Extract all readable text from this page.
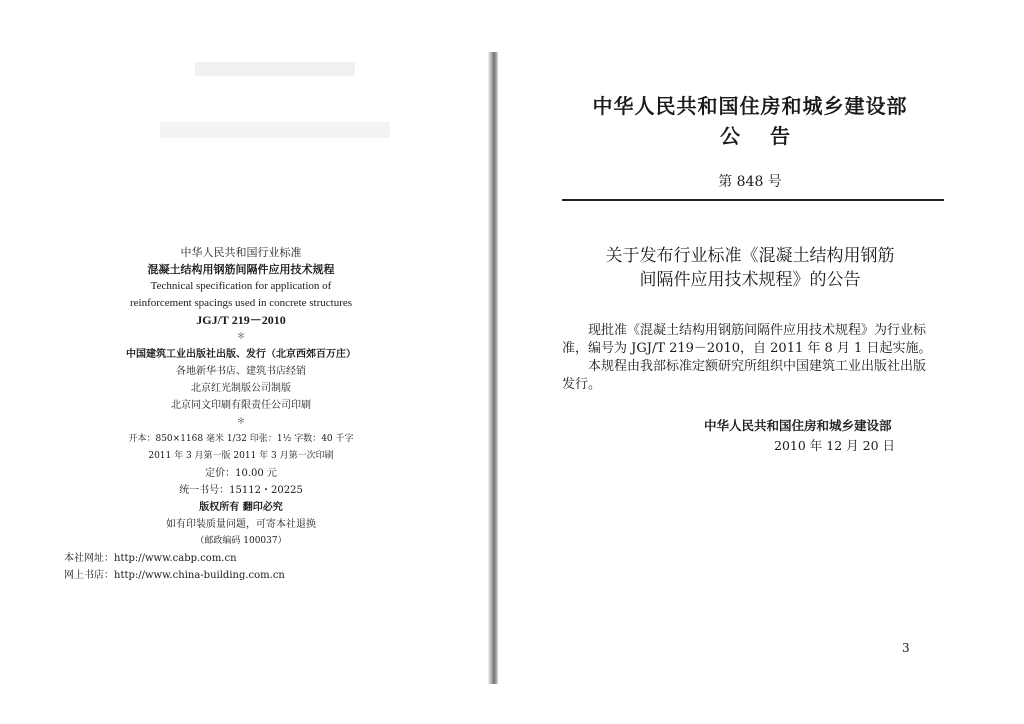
中华人民共和国行业标准
混凝土结构用钢筋间隔件应用技术规程
Technical specification for application of
reinforcement spacings used in concrete structures
JGJ/T 219－2010
＊
中国建筑工业出版社出版、发行（北京西郊百万庄）
各地新华书店、建筑书店经销
北京红光制版公司制版
北京同文印刷有限责任公司印刷
＊
开本：850×1168 毫米 1/32 印张：1½ 字数：40 千字
2011 年 3 月第一版 2011 年 3 月第一次印刷
定价：10.00 元
统一书号：15112・20225
版权所有 翻印必究
如有印装质量问题，可寄本社退换
（邮政编码 100037）
本社网址：http://www.cabp.com.cn
网上书店：http://www.china-building.com.cn
中华人民共和国住房和城乡建设部
公告
第 848 号
关于发布行业标准《混凝土结构用钢筋
间隔件应用技术规程》的公告

现批准《混凝土结构用钢筋间隔件应用技术规程》为行业标准，编号为 JGJ/T 219－2010，自 2011 年 8 月 1 日起实施。

本规程由我部标准定额研究所组织中国建筑工业出版社出版发行。

中华人民共和国住房和城乡建设部
2010 年 12 月 20 日
3
